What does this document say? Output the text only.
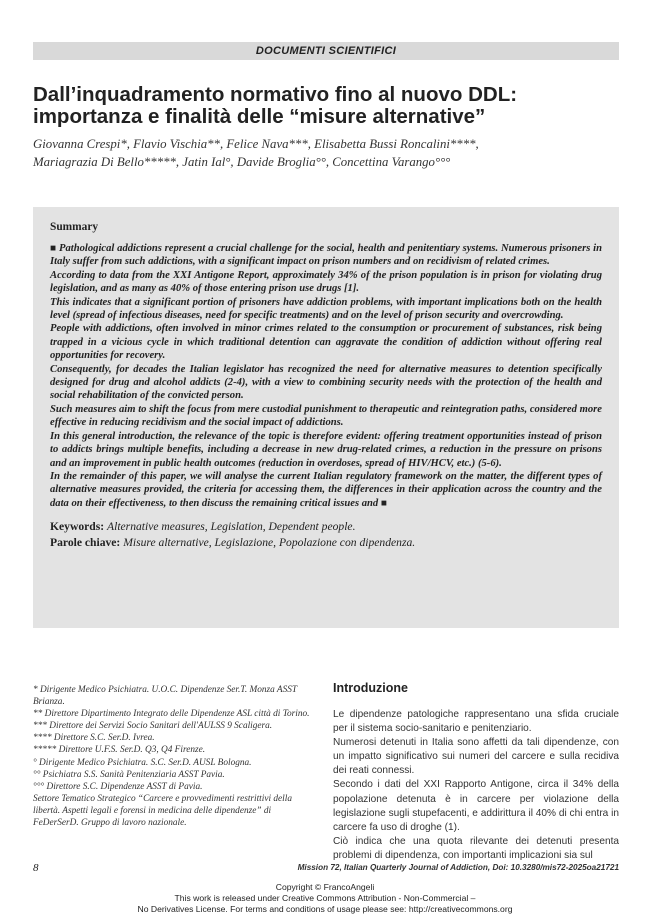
DOCUMENTI SCIENTIFICI
Dall’inquadramento normativo fino al nuovo DDL:
importanza e finalità delle “misure alternative”
Giovanna Crespi*, Flavio Vischia**, Felice Nava***, Elisabetta Bussi Roncalini****,
Mariagrazia Di Bello*****, Jatin Ial°, Davide Broglia°°, Concettina Varango°°°

Summary

■ Pathological addictions represent a crucial challenge for the social, health and penitentiary systems. Numerous prisoners in Italy suffer from such addictions, with a significant impact on prison numbers and on recidivism of related crimes.

According to data from the XXI Antigone Report, approximately 34% of the prison population is in prison for violating drug legislation, and as many as 40% of those entering prison use drugs [1].

This indicates that a significant portion of prisoners have addiction problems, with important implications both on the health level (spread of infectious diseases, need for specific treatments) and on the level of prison security and overcrowding.

People with addictions, often involved in minor crimes related to the consumption or procurement of substances, risk being trapped in a vicious cycle in which traditional detention can aggravate the condition of addiction without offering real opportunities for recovery.

Consequently, for decades the Italian legislator has recognized the need for alternative measures to detention specifically designed for drug and alcohol addicts (2-4), with a view to combining security needs with the protection of the health and social rehabilitation of the convicted person.

Such measures aim to shift the focus from mere custodial punishment to therapeutic and reintegration paths, considered more effective in reducing recidivism and the social impact of addictions.

In this general introduction, the relevance of the topic is therefore evident: offering treatment opportunities instead of prison to addicts brings multiple benefits, including a decrease in new drug-related crimes, a reduction in the pressure on prisons and an improvement in public health outcomes (reduction in overdoses, spread of HIV/HCV, etc.) (5-6).

In the remainder of this paper, we will analyse the current Italian regulatory framework on the matter, the different types of alternative measures provided, the criteria for accessing them, the differences in their application across the country and the data on their effectiveness, to then discuss the remaining critical issues and ■

Keywords: Alternative measures, Legislation, Dependent people.

Parole chiave: Misure alternative, Legislazione, Popolazione con dipendenza.

* Dirigente Medico Psichiatra. U.O.C. Dipendenze Ser.T. Monza ASST Brianza.

** Direttore Dipartimento Integrato delle Dipendenze ASL città di Torino.

*** Direttore dei Servizi Socio Sanitari dell'AULSS 9 Scaligera.

**** Direttore S.C. Ser.D. Ivrea.

***** Direttore U.F.S. Ser.D. Q3, Q4 Firenze.

° Dirigente Medico Psichiatra. S.C. Ser.D. AUSL Bologna.

°° Psichiatra S.S. Sanità Penitenziaria ASST Pavia.

°°° Direttore S.C. Dipendenze ASST di Pavia.

Settore Tematico Strategico “Carcere e provvedimenti restrittivi della libertà. Aspetti legali e forensi in medicina delle dipendenze” di FeDerSerD. Gruppo di lavoro nazionale.

Introduzione

Le dipendenze patologiche rappresentano una sfida cruciale per il sistema socio-sanitario e penitenziario.

Numerosi detenuti in Italia sono affetti da tali dipendenze, con un impatto significativo sui numeri del carcere e sulla recidiva dei reati connessi.

Secondo i dati del XXI Rapporto Antigone, circa il 34% della popolazione detenuta è in carcere per violazione della legislazione sugli stupefacenti, e addirittura il 40% di chi entra in carcere fa uso di droghe (1).

Ciò indica che una quota rilevante dei detenuti presenta problemi di dipendenza, con importanti implicazioni sia sul

8	Mission 72, Italian Quarterly Journal of Addiction, Doi: 10.3280/mis72-2025oa21721
Copyright © FrancoAngeli
This work is released under Creative Commons Attribution - Non-Commercial –
No Derivatives License. For terms and conditions of usage please see: http://creativecommons.org
